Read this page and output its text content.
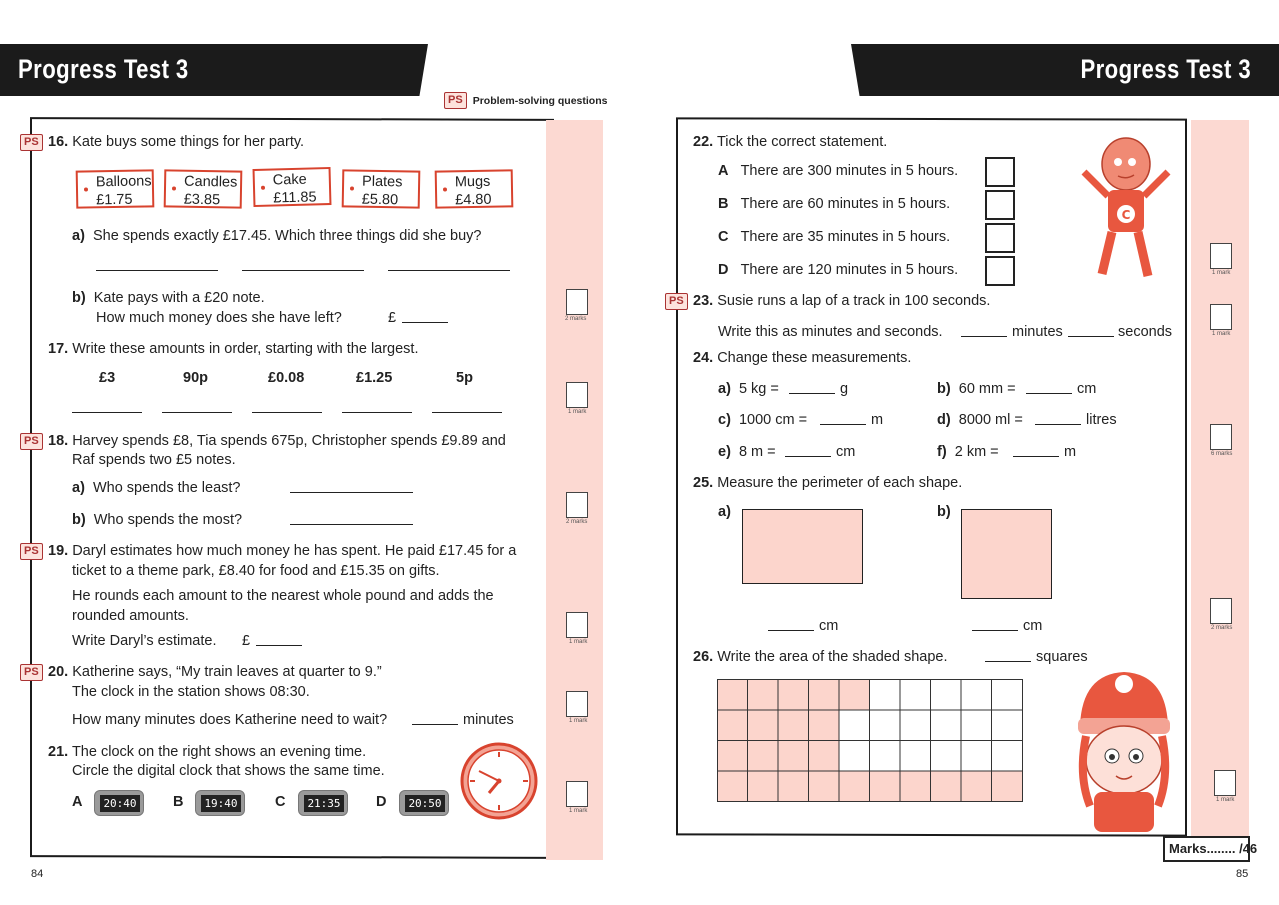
Progress Test 3
PS Problem-solving questions
PS 16. Kate buys some things for her party.
Balloons
£1.75
Candles
£3.85
Cake
£11.85
Plates
£5.80
Mugs
£4.80
a) She spends exactly £17.45. Which three things did she buy?
b) Kate pays with a £20 note.
How much money does she have left?	£	2 marks
17. Write these amounts in order, starting with the largest.
£3	90p	£0.08	£1.25	5p
1 mark
PS 18. Harvey spends £8, Tia spends 675p, Christopher spends £9.89 and
Raf spends two £5 notes.
a) Who spends the least?
b) Who spends the most?	2 marks
PS 19. Daryl estimates how much money he has spent. He paid £17.45 for a
ticket to a theme park, £8.40 for food and £15.35 on gifts.
He rounds each amount to the nearest whole pound and adds the
rounded amounts.
Write Daryl’s estimate. £	1 mark
PS 20. Katherine says, “My train leaves at quarter to 9.”
The clock in the station shows 08:30.
How many minutes does Katherine need to wait?	minutes	1 mark
21. The clock on the right shows an evening time.
Circle the digital clock that shows the same time.
A	20:40	B	19:40	C	21:35 D	20:50
1 mark
84
Progress Test 3
22. Tick the correct statement.
A There are 300 minutes in 5 hours.
B There are 60 minutes in 5 hours.
C There are 35 minutes in 5 hours.
D There are 120 minutes in 5 hours.
C
1 mark
PS 23. Susie runs a lap of a track in 100 seconds.
Write this as minutes and seconds.	minutes	seconds	1 mark
24. Change these measurements.
a) 5 kg =	g	b) 60 mm =	cm
c) 1000 cm =	m	d) 8000 ml =	litres
e) 8 m =	cm	f) 2 km =	m	6 marks
25. Measure the perimeter of each shape.
a)	b)
cm	cm	2 marks
26. Write the area of the shaded shape.	squares
1 mark
Marks........ /46
85
